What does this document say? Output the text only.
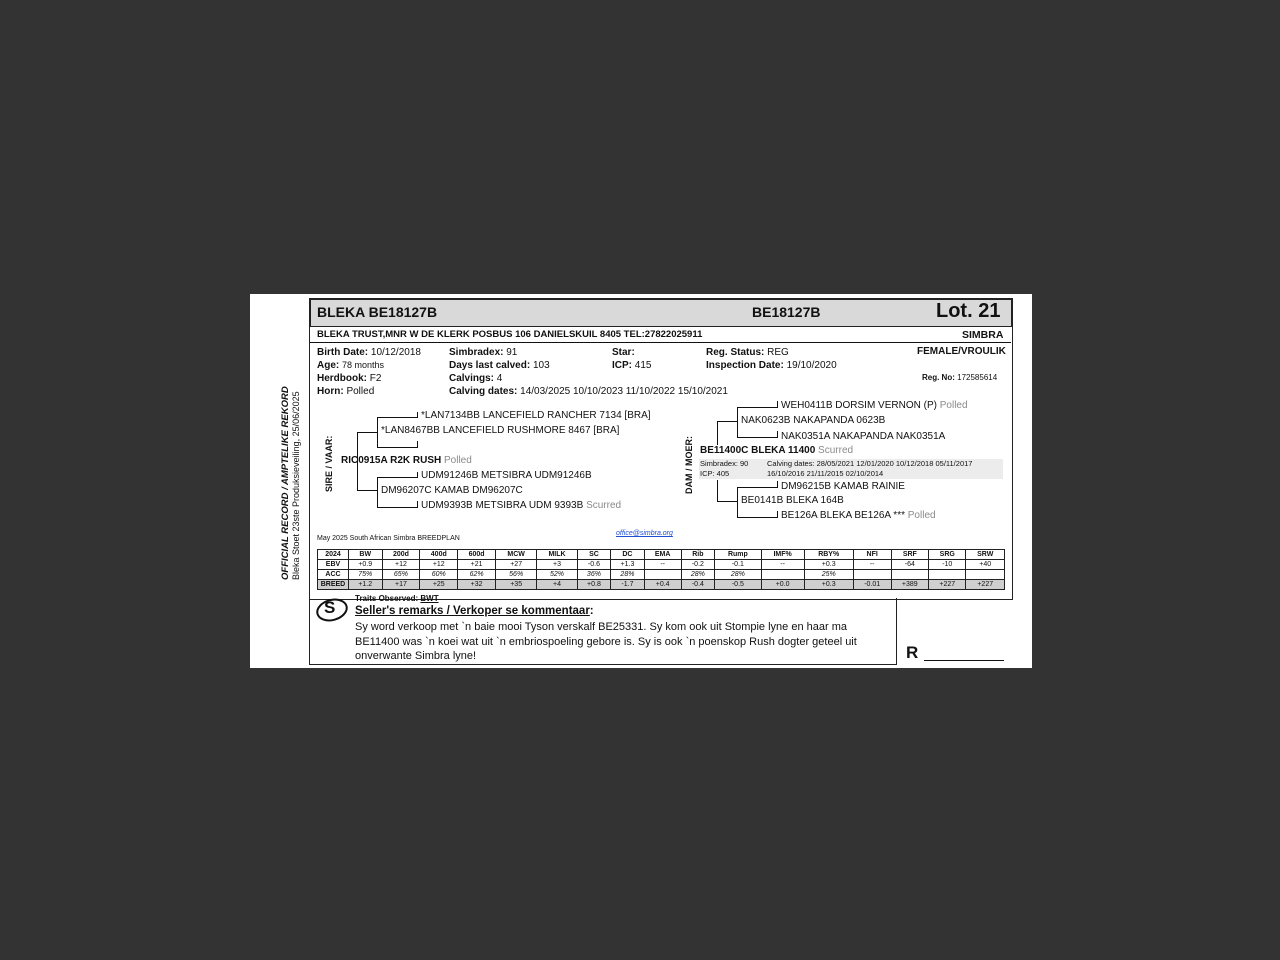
OFFICIAL RECORD / AMPTELIKE REKORD Bleka Stoet 23ste Produksieveiling, 25/06/2025
BLEKA BE18127B	BE18127B	Lot. 21
BLEKA TRUST,MNR W DE KLERK POSBUS 106 DANIELSKUIL 8405 TEL:27822025911	SIMBRA
Birth Date: 10/12/2018
Age: 78 months
Herdbook: F2
Horn: Polled
Simbradex: 91
Days last calved: 103
Calvings: 4
Calving dates: 14/03/2025 10/10/2023 11/10/2022 15/10/2021
Star:
ICP: 415
Reg. Status: REG
Inspection Date: 19/10/2020
FEMALE/VROULIK
Reg. No: 172585614
SIRE / VAAR:
*LAN7134BB LANCEFIELD RANCHER 7134 [BRA]
*LAN8467BB LANCEFIELD RUSHMORE 8467 [BRA]
RIC0915A R2K RUSH Polled
UDM91246B METSIBRA UDM91246B
DM96207C KAMAB DM96207C
UDM9393B METSIBRA UDM 9393B Scurred
DAM / MOER:
WEH0411B DORSIM VERNON (P) Polled
NAK0623B NAKAPANDA 0623B
NAK0351A NAKAPANDA NAK0351A
BE11400C BLEKA 11400 Scurred
Simbradex: 90
ICP: 405
Calving dates: 28/05/2021 12/01/2020 10/12/2018 05/11/2017
16/10/2016 21/11/2015 02/10/2014
DM96215B KAMAB RAINIE
BE0141B BLEKA 164B
BE126A BLEKA BE126A *** Polled
May 2025 South African Simbra BREEDPLAN
office@simbra.org
2024	BW	200d	400d	600d	MCW	MILK	SC	DC	EMA	Rib	Rump	IMF%	RBY%	NFI	SRF	SRG	SRW
EBV	+0.9	+12	+12	+21	+27	+3	-0.6	+1.3	--	-0.2	-0.1	--	+0.3	--	-64	-10	+40
ACC	75%	65%	60%	62%	56%	52%	36%	28%		28%	28%		25%				
BREED	+1.2	+17	+25	+32	+35	+4	+0.8	-1.7	+0.4	-0.4	-0.5	+0.0	+0.3	-0.01	+389	+227	+227
S Traits Observed: BWT
Seller's remarks / Verkoper se kommentaar:
Sy word verkoop met `n baie mooi Tyson verskalf BE25331. Sy kom ook uit Stompie lyne en haar ma
BE11400 was `n koei wat uit `n embriospoeling gebore is. Sy is ook `n poenskop Rush dogter geteel uit
onverwante Simbra lyne!	R
